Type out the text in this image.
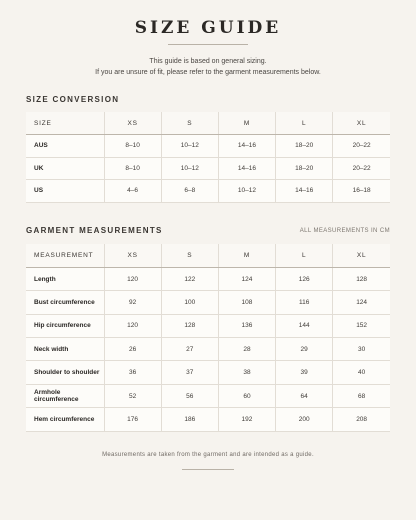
SIZE GUIDE

This guide is based on general sizing.

If you are unsure of fit, please refer to the garment measurements below.

SIZE CONVERSION
SIZE	XS	S	M	L	XL
AUS	8–10	10–12	14–16	18–20	20–22
UK	8–10	10–12	14–16	18–20	20–22
US	4–6	6–8	10–12	14–16	16–18
GARMENT MEASUREMENTS	ALL MEASUREMENTS IN CM
MEASUREMENT	XS	S	M	L	XL
Length	120	122	124	126	128
Bust circumference	92	100	108	116	124
Hip circumference	120	128	136	144	152
Neck width	26	27	28	29	30
Shoulder to shoulder	36	37	38	39	40
Armhole circumference	52	56	60	64	68
Hem circumference	176	186	192	200	208

Measurements are taken from the garment and are intended as a guide.
